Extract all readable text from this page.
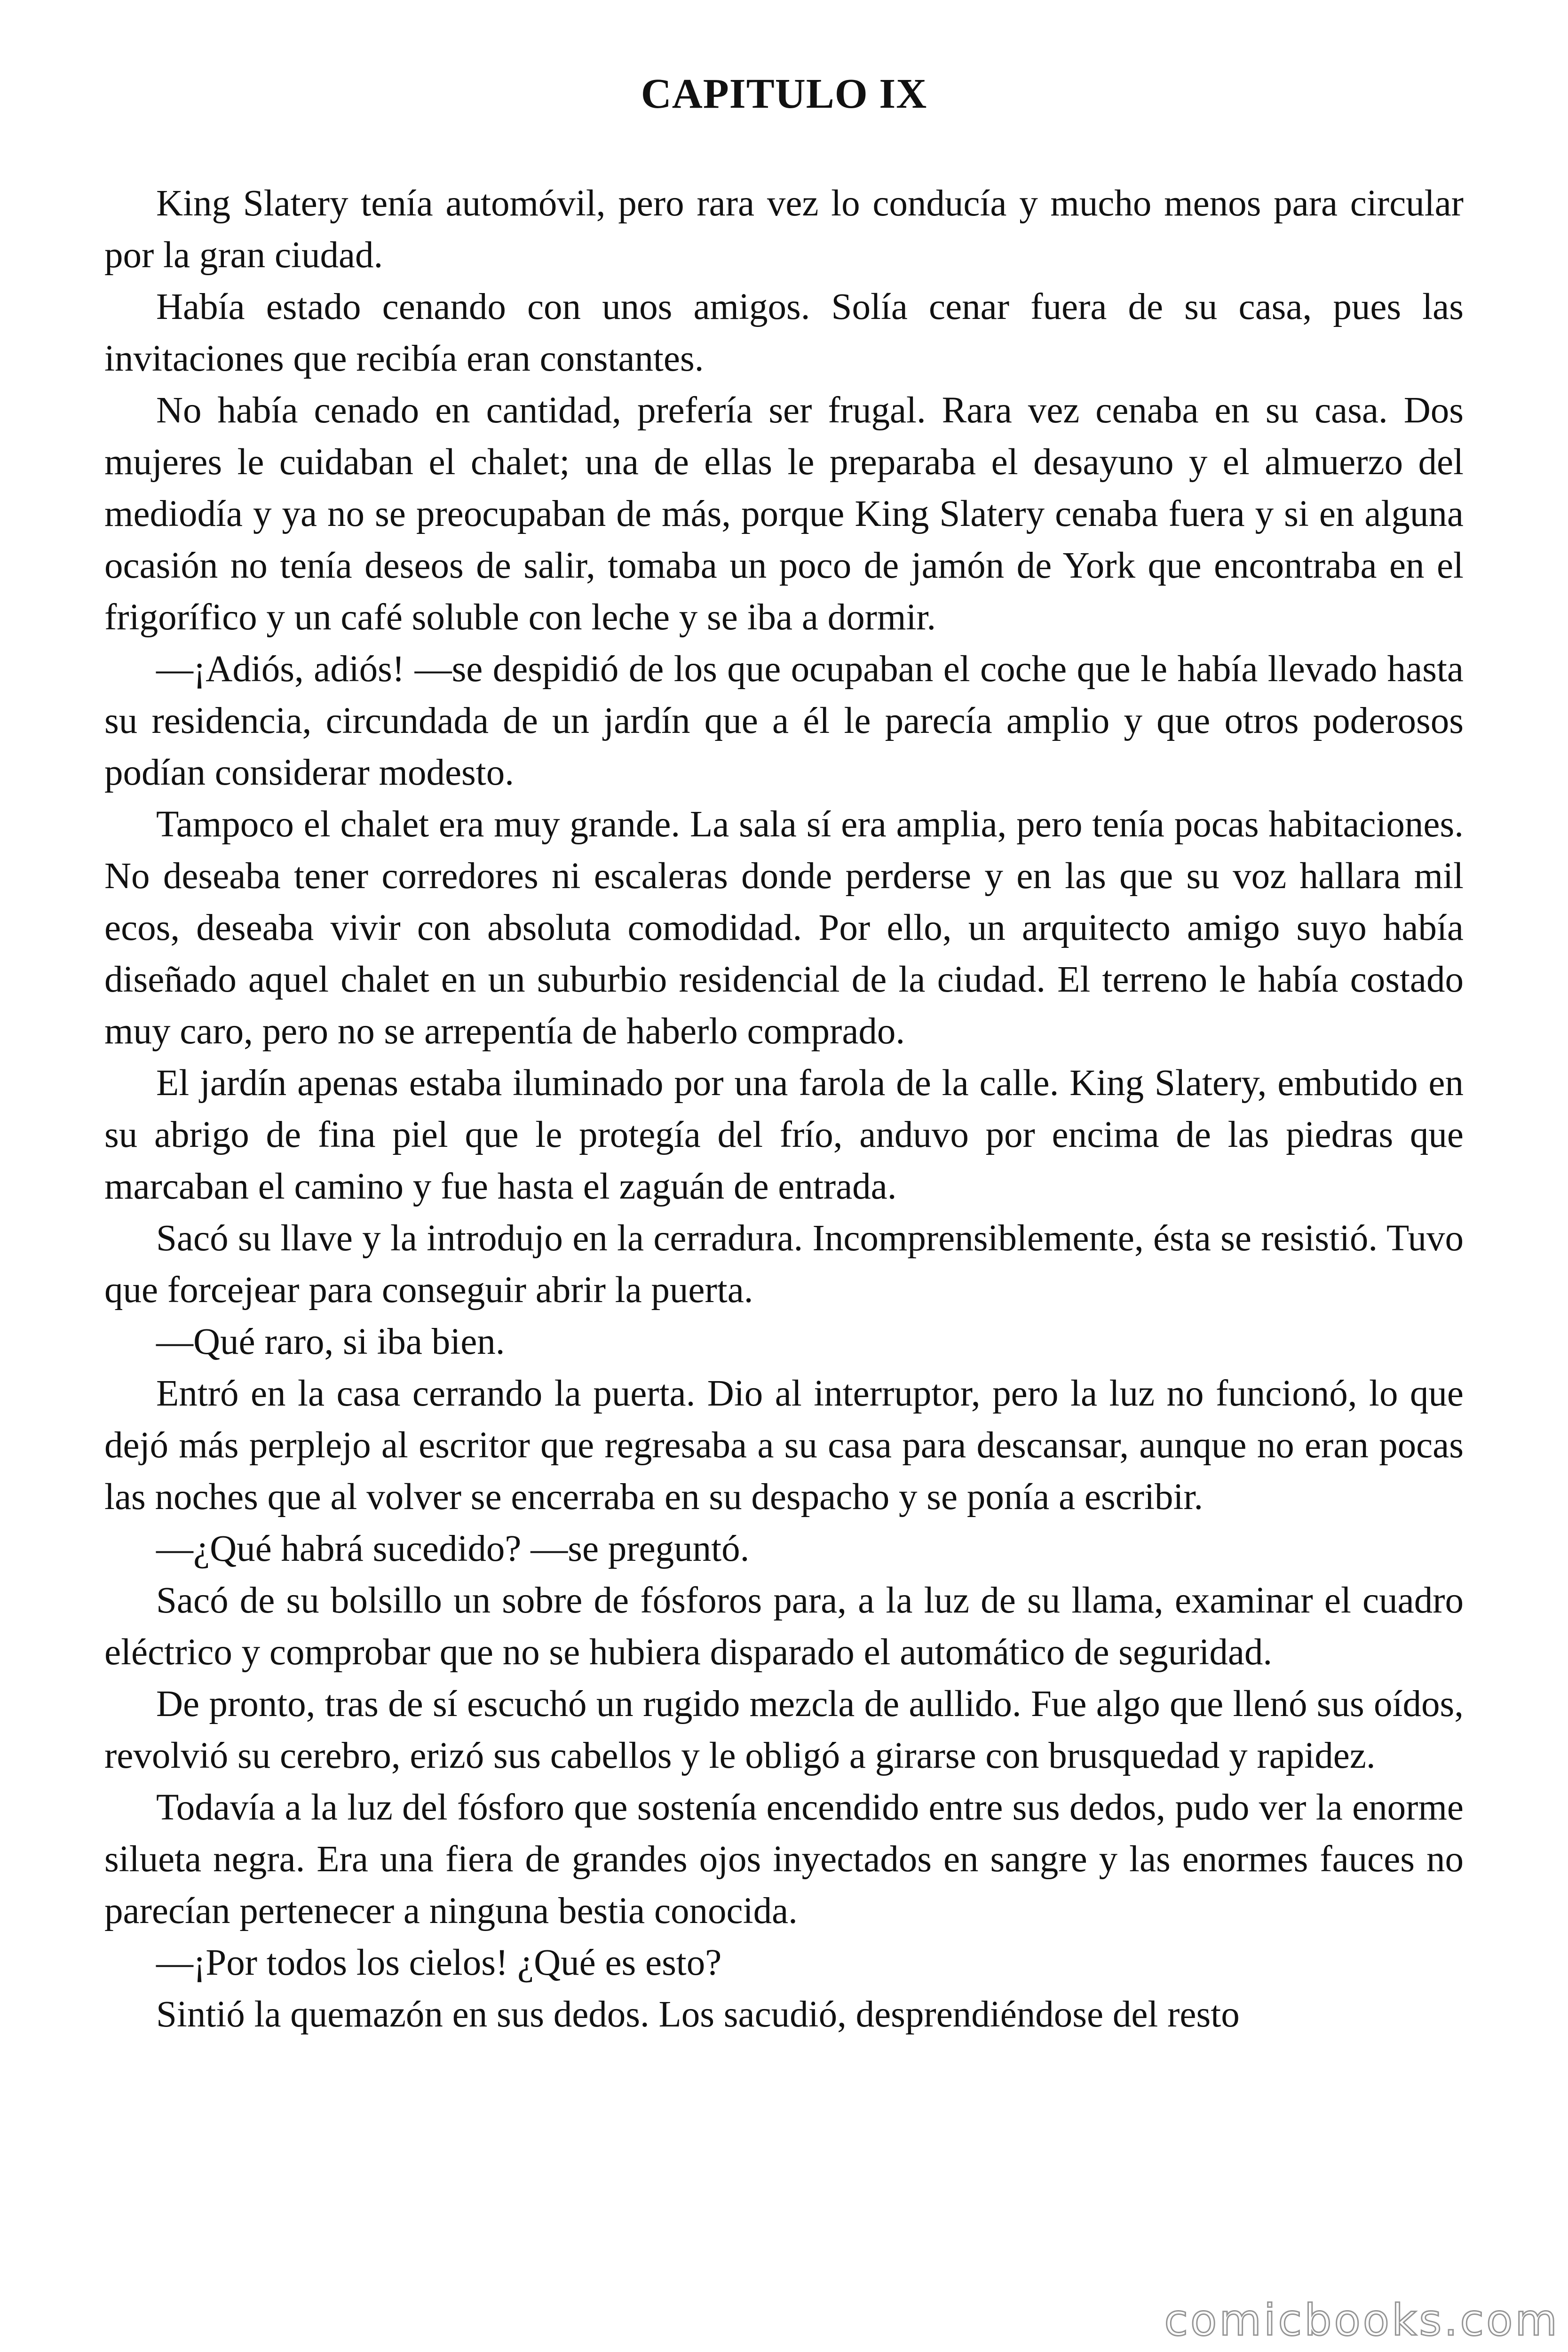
CAPITULO IX

King Slatery tenía automóvil, pero rara vez lo conducía y mucho menos para circular por la gran ciudad.

Había estado cenando con unos amigos. Solía cenar fuera de su casa, pues las invitaciones que recibía eran constantes.

No había cenado en cantidad, prefería ser frugal. Rara vez cenaba en su casa. Dos mujeres le cuidaban el chalet; una de ellas le preparaba el desayuno y el almuerzo del mediodía y ya no se preocupaban de más, porque King Slatery cenaba fuera y si en alguna ocasión no tenía deseos de salir, tomaba un poco de jamón de York que encontraba en el frigorífico y un café soluble con leche y se iba a dormir.

—¡Adiós, adiós! —se despidió de los que ocupaban el coche que le había llevado hasta su residencia, circundada de un jardín que a él le parecía amplio y que otros poderosos podían considerar modesto.

Tampoco el chalet era muy grande. La sala sí era amplia, pero tenía pocas habitaciones. No deseaba tener corredores ni escaleras donde perderse y en las que su voz hallara mil ecos, deseaba vivir con absoluta comodidad. Por ello, un arquitecto amigo suyo había diseñado aquel chalet en un suburbio residencial de la ciudad. El terreno le había costado muy caro, pero no se arrepentía de haberlo comprado.

El jardín apenas estaba iluminado por una farola de la calle. King Slatery, embutido en su abrigo de fina piel que le protegía del frío, anduvo por encima de las piedras que marcaban el camino y fue hasta el zaguán de entrada.

Sacó su llave y la introdujo en la cerradura. Incomprensiblemente, ésta se resistió. Tuvo que forcejear para conseguir abrir la puerta.

—Qué raro, si iba bien.

Entró en la casa cerrando la puerta. Dio al interruptor, pero la luz no funcionó, lo que dejó más perplejo al escritor que regresaba a su casa para descansar, aunque no eran pocas las noches que al volver se encerraba en su despacho y se ponía a escribir.

—¿Qué habrá sucedido? —se preguntó.

Sacó de su bolsillo un sobre de fósforos para, a la luz de su llama, examinar el cuadro eléctrico y comprobar que no se hubiera disparado el automático de seguridad.

De pronto, tras de sí escuchó un rugido mezcla de aullido. Fue algo que llenó sus oídos, revolvió su cerebro, erizó sus cabellos y le obligó a girarse con brusquedad y rapidez.

Todavía a la luz del fósforo que sostenía encendido entre sus dedos, pudo ver la enorme silueta negra. Era una fiera de grandes ojos inyectados en sangre y las enormes fauces no parecían pertenecer a ninguna bestia conocida.

—¡Por todos los cielos! ¿Qué es esto?

Sintió la quemazón en sus dedos. Los sacudió, desprendiéndose del resto

comicbooks.com
